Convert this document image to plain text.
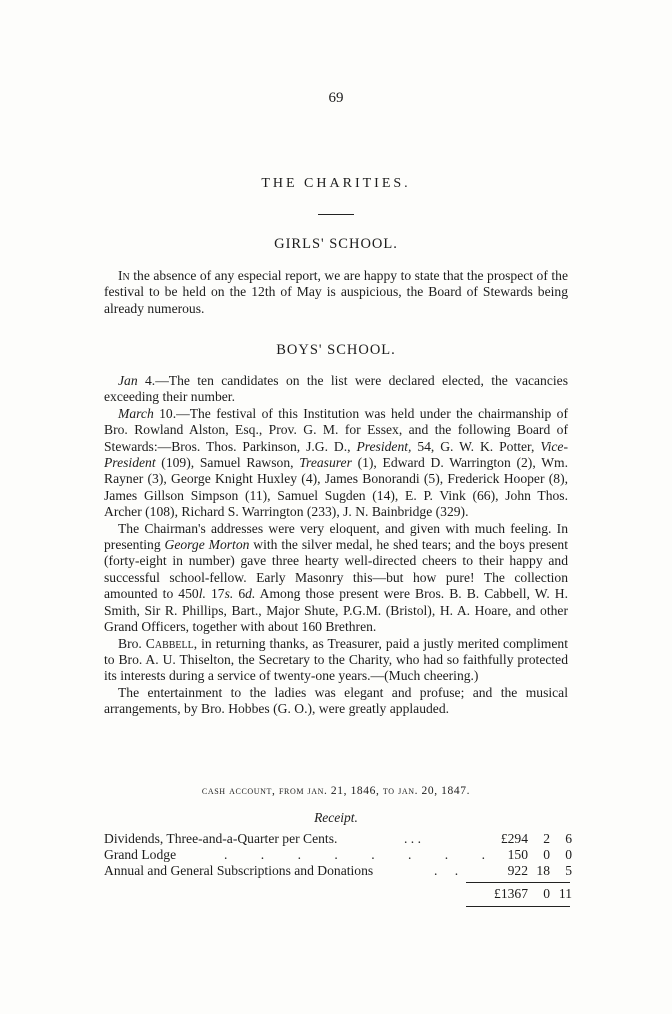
69
THE CHARITIES.
GIRLS' SCHOOL.

In the absence of any especial report, we are happy to state that the prospect of the festival to be held on the 12th of May is auspicious, the Board of Stewards being already numerous.

BOYS' SCHOOL.

Jan 4.—The ten candidates on the list were declared elected, the vacancies exceeding their number.

March 10.—The festival of this Institution was held under the chairmanship of Bro. Rowland Alston, Esq., Prov. G. M. for Essex, and the following Board of Stewards:—Bros. Thos. Parkinson, J.G. D., President, 54, G. W. K. Potter, Vice-President (109), Samuel Rawson, Treasurer (1), Edward D. Warrington (2), Wm. Rayner (3), George Knight Huxley (4), James Bonorandi (5), Frederick Hooper (8), James Gillson Simpson (11), Samuel Sugden (14), E. P. Vink (66), John Thos. Archer (108), Richard S. Warrington (233), J. N. Bainbridge (329).

The Chairman's addresses were very eloquent, and given with much feeling. In presenting George Morton with the silver medal, he shed tears; and the boys present (forty-eight in number) gave three hearty well-directed cheers to their happy and successful school-fellow. Early Masonry this—but how pure! The collection amounted to 450l. 17s. 6d. Among those present were Bros. B. B. Cabbell, W. H. Smith, Sir R. Phillips, Bart., Major Shute, P.G.M. (Bristol), H. A. Hoare, and other Grand Officers, together with about 160 Brethren.

Bro. Cabbell, in returning thanks, as Treasurer, paid a justly merited compliment to Bro. A. U. Thiselton, the Secretary to the Charity, who had so faithfully protected its interests during a service of twenty-one years.—(Much cheering.)

The entertainment to the ladies was elegant and profuse; and the musical arrangements, by Bro. Hobbes (G. O.), were greatly applauded.

cash account, from jan. 21, 1846, to jan. 20, 1847.
Receipt.
Dividends, Three-and-a-Quarter per Cents.	. . .	£294 2 6
Grand Lodge	. . . . . . . .	150 0 0
Annual and General Subscriptions and Donations	. .	922 18 5
£1367 0 11
